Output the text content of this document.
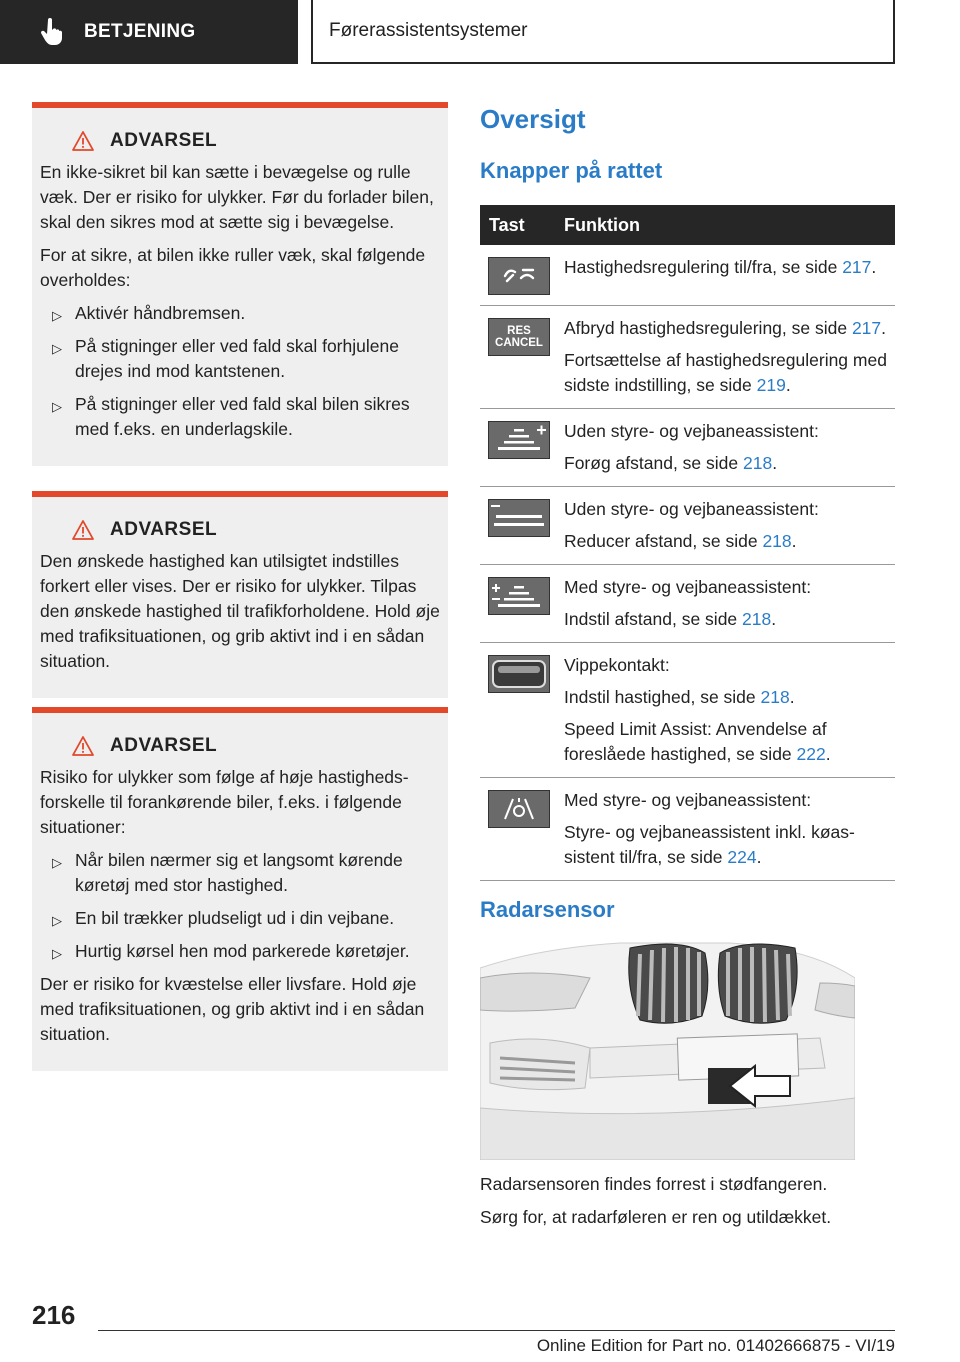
BETJENING	Førerassistentsystemer
ADVARSEL

En ikke-sikret bil kan sætte i bevægelse og rulle væk. Der er risiko for ulykker. Før du forlader bilen, skal den sikres mod at sætte sig i bevægelse.

For at sikre, at bilen ikke ruller væk, skal følgende overholdes:

▷ Aktivér håndbremsen.
▷ På stigninger eller ved fald skal forhjulene drejes ind mod kantstenen.
▷ På stigninger eller ved fald skal bilen sikres med f.eks. en underlagskile.
ADVARSEL

Den ønskede hastighed kan utilsigtet indstilles forkert eller vises. Der er risiko for ulykker. Tilpas den ønskede hastighed til trafikforholdene. Hold øje med trafiksituationen, og grib aktivt ind i en sådan situation.

ADVARSEL

Risiko for ulykker som følge af høje hastighedsforskelle til forankørende biler, f.eks. i følgende situationer:

▷ Når bilen nærmer sig et langsomt kørende køretøj med stor hastighed.
▷ En bil trækker pludseligt ud i din vejbane.
▷ Hurtig kørsel hen mod parkerede køretøjer.

Der er risiko for kvæstelse eller livsfare. Hold øje med trafiksituationen, og grib aktivt ind i en sådan situation.

Oversigt
Knapper på rattet
Tast	Funktion

Hastighedsregulering til/fra, se side 217.

RES
CANCEL

Afbryd hastighedsregulering, se side 217.

Fortsættelse af hastighedsregulering med sidste indstilling, se side 219.

Uden styre- og vejbaneassistent:

Forøg afstand, se side 218.

Uden styre- og vejbaneassistent:

Reducer afstand, se side 218.

Med styre- og vejbaneassistent:

Indstil afstand, se side 218.

Vippekontakt:

Indstil hastighed, se side 218.

Speed Limit Assist: Anvendelse af foreslåede hastighed, se side 222.

Med styre- og vejbaneassistent:

Styre- og vejbaneassistent inkl. køassistent til/fra, se side 224.

Radarsensor
Radarsensoren findes forrest i stødfangeren.
Sørg for, at radarføleren er ren og utildækket.
216
Online Edition for Part no. 01402666875 - VI/19
